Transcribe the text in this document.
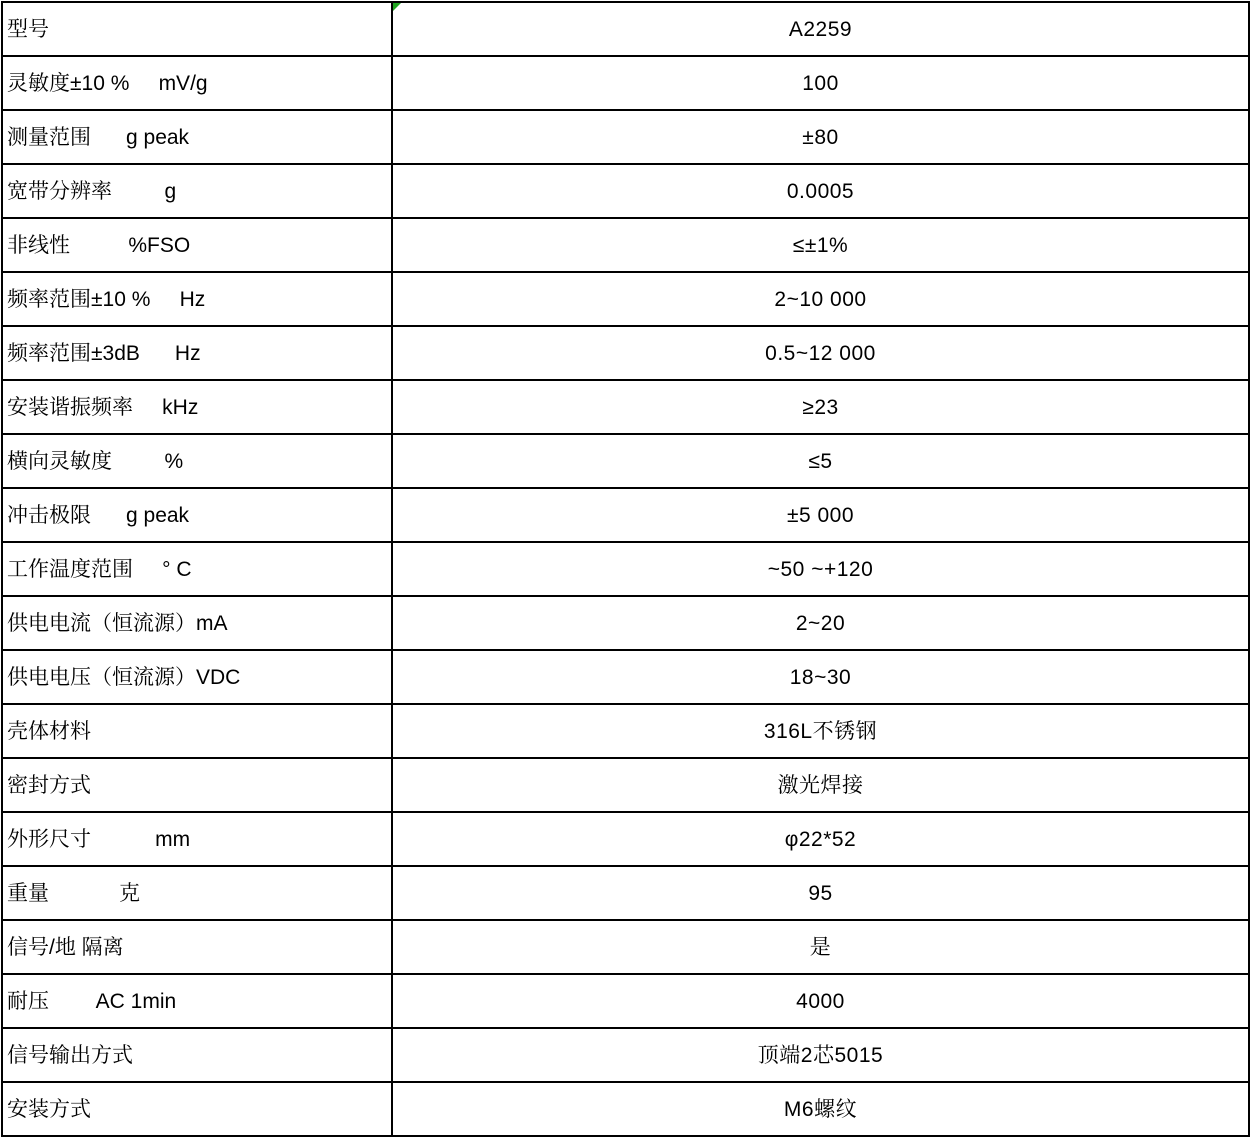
型号	A2259
灵敏度±10 %     mV/g	100
测量范围      g peak	±80
宽带分辨率         g	0.0005
非线性          %FSO	≤±1%
频率范围±10 %     Hz	2~10 000
频率范围±3dB      Hz	0.5~12 000
安装谐振频率     kHz	≥23
横向灵敏度         %	≤5
冲击极限      g peak	±5 000
工作温度范围     ° C	~50 ~+120
供电电流（恒流源）mA	2~20
供电电压（恒流源）VDC	18~30
壳体材料	316L不锈钢
密封方式	激光焊接
外形尺寸           mm	φ22*52
重量            克	95
信号/地 隔离	是
耐压        AC 1min	4000
信号输出方式	顶端2芯5015
安装方式	M6螺纹
